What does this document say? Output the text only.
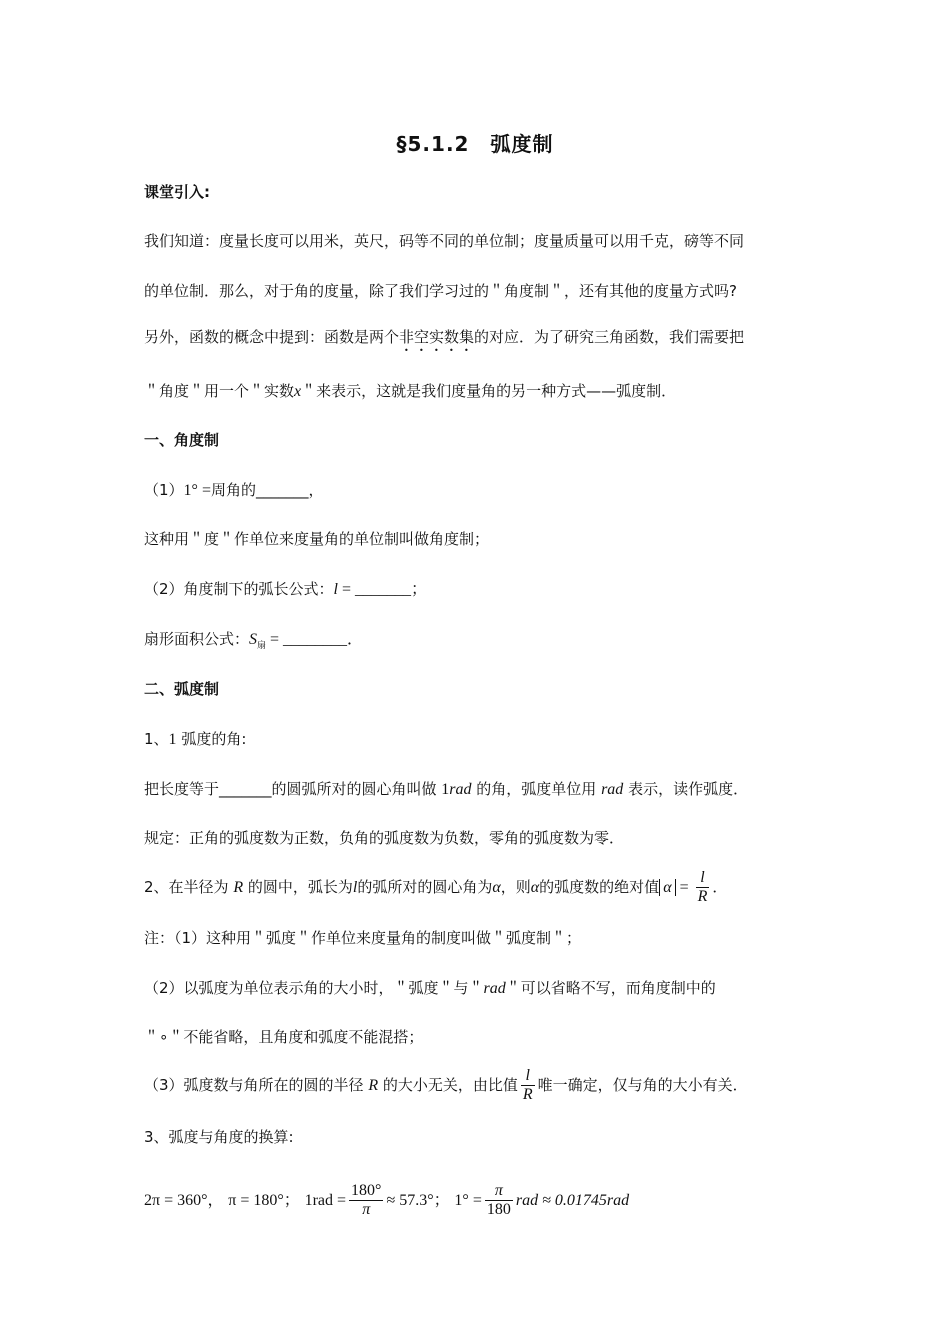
§5.1.2　弧度制
课堂引入:
我们知道：度量长度可以用米，英尺，码等不同的单位制；度量质量可以用千克，磅等不同
的单位制．那么，对于角的度量，除了我们学习过的＂角度制＂，还有其他的度量方式吗?
另外，函数的概念中提到：函数是两个非空实数集的对应．为了研究三角函数，我们需要把
＂角度＂用一个＂实数x＂来表示，这就是我们度量角的另一种方式——弧度制．
一、角度制
（1）1° =周角的_______，
这种用＂度＂作单位来度量角的单位制叫做角度制；
（2）角度制下的弧长公式：l = _______；
扇形面积公式：$S_扇$ = ________．
二、弧度制
1、1 弧度的角:
把长度等于_______的圆弧所对的圆心角叫做 1rad 的角，弧度单位用 rad 表示，读作弧度．
规定：正角的弧度数为正数，负角的弧度数为负数，零角的弧度数为零．
2、在半径为 R 的圆中，弧长为l的弧所对的圆心角为α，则α的弧度数的绝对值 $\alpha = \frac{l}{R}$ ．
注：（1）这种用＂弧度＂作单位来度量角的制度叫做＂弧度制＂；
（2）以弧度为单位表示角的大小时，＂弧度＂与＂rad＂可以省略不写，而角度制中的
＂∘＂不能省略，且角度和弧度不能混搭；
（3）弧度数与角所在的圆的半径 R 的大小无关，由比值 $\frac{l}{R}$ 唯一确定，仅与角的大小有关．
3、弧度与角度的换算:
2π = 360°， π = 180°； $1rad = \frac{180^\circ}{\pi} \approx 57.3^\circ$； $1^\circ = \frac{\pi}{180}$ rad ≈ 0.01745rad
